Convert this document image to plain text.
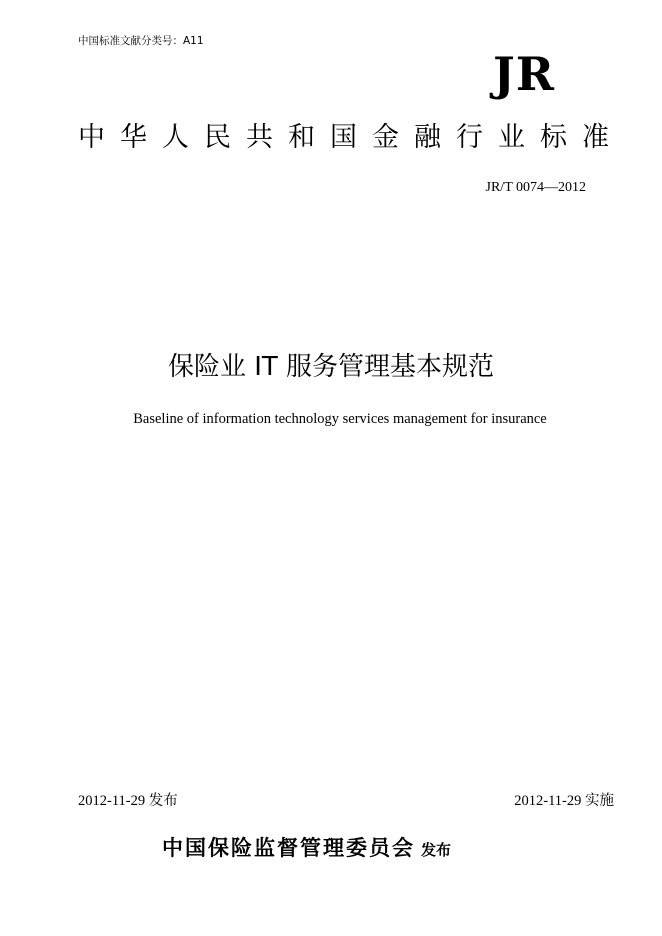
中国标准文献分类号：A11
JR
中华人民共和国金融行业标准
JR/T 0074—2012
保险业 IT 服务管理基本规范
Baseline of information technology services management for insurance
2012-11-29 发布	2012-11-29 实施
中国保险监督管理委员会 发布
